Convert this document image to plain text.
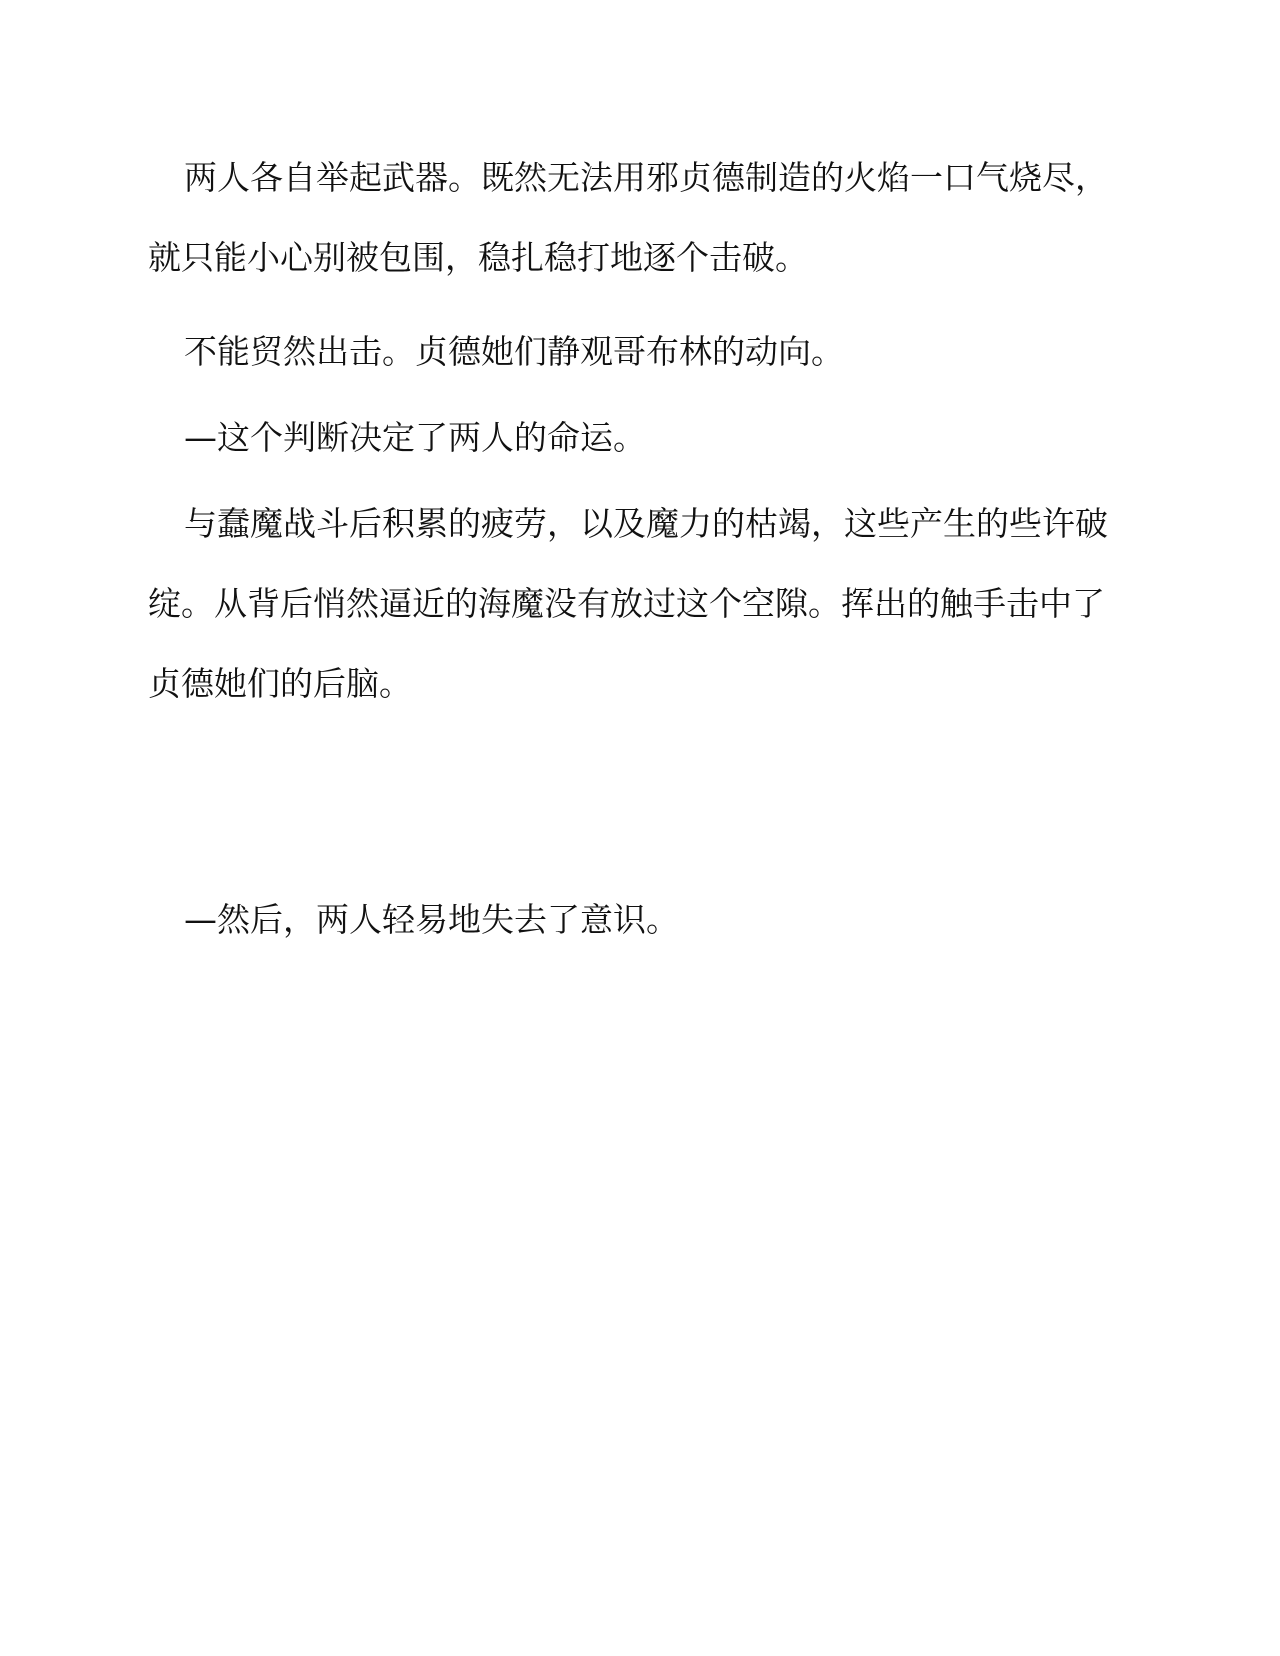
两人各自举起武器。既然无法用邪贞德制造的火焰一口气烧尽，就只能小心别被包围，稳扎稳打地逐个击破。

不能贸然出击。贞德她们静观哥布林的动向。

—这个判断决定了两人的命运。

与蠢魔战斗后积累的疲劳，以及魔力的枯竭，这些产生的些许破绽。从背后悄然逼近的海魔没有放过这个空隙。挥出的触手击中了贞德她们的后脑。

—然后，两人轻易地失去了意识。
